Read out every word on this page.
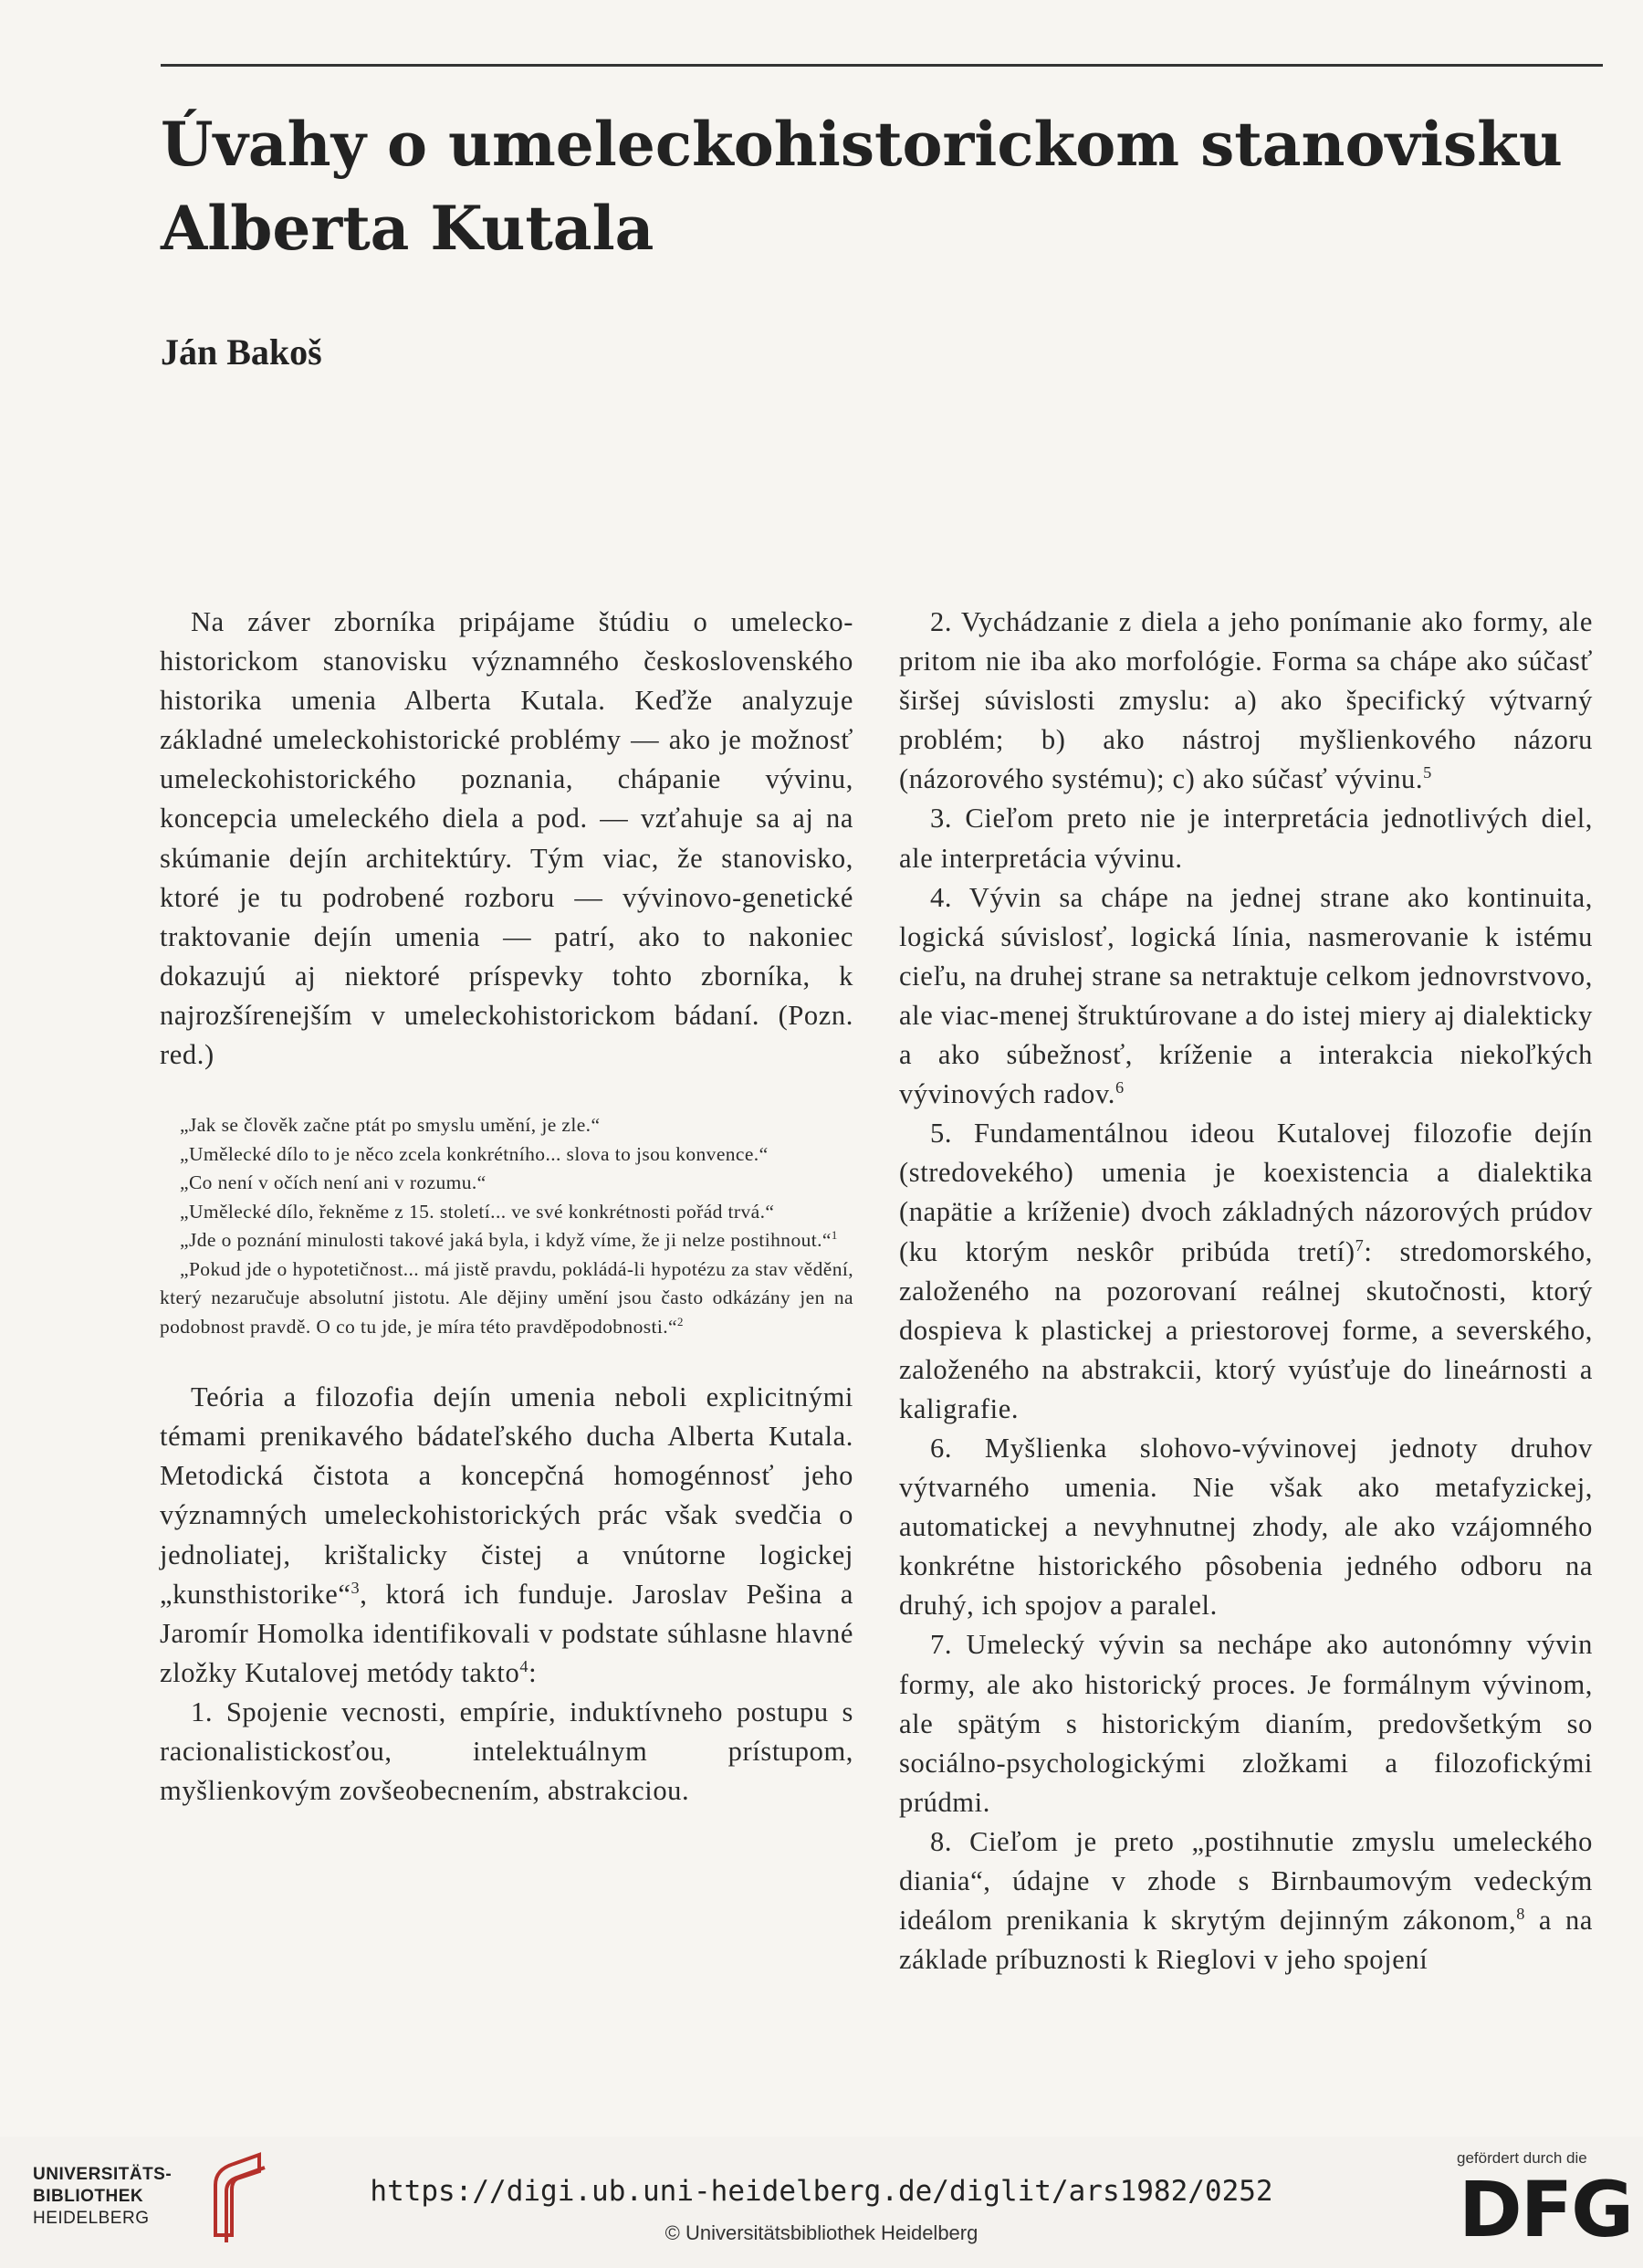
Úvahy o umeleckohistorickom stanovisku
Alberta Kutala
Ján Bakoš

Na záver zborníka pripájame štúdiu o umelecko-historickom stanovisku významného československého historika umenia Alberta Kutala. Keďže analyzuje základné umeleckohistorické problémy — ako je možnosť umeleckohistorického poznania, chápanie vývinu, koncepcia umeleckého diela a pod. — vzťahuje sa aj na skúmanie dejín architektúry. Tým viac, že stanovisko, ktoré je tu podrobené rozboru — vývinovo-genetické traktovanie dejín umenia — patrí, ako to nakoniec dokazujú aj niektoré príspevky tohto zborníka, k najrozšírenejším v umeleckohistorickom bádaní. (Pozn. red.)

„Jak se člověk začne ptát po smyslu umění, je zle.“

„Umělecké dílo to je něco zcela konkrétního... slova to jsou konvence.“

„Co není v očích není ani v rozumu.“

„Umělecké dílo, řekněme z 15. století... ve své konkrétnosti pořád trvá.“

„Jde o poznání minulosti takové jaká byla, i když víme, že ji nelze postihnout.“$^1$

„Pokud jde o hypotetičnost... má jistě pravdu, pokládá-li hypotézu za stav vědění, který nezaručuje absolutní jistotu. Ale dějiny umění jsou často odkázány jen na podobnost pravdě. O co tu jde, je míra této pravděpodobnosti.“$^2$

Teória a filozofia dejín umenia neboli explicitnými témami prenikavého bádateľského ducha Alberta Kutala. Metodická čistota a koncepčná homogénnosť jeho významných umeleckohistorických prác však svedčia o jednoliatej, krištalicky čistej a vnútorne logickej „kunsthistorike“$^3$, ktorá ich funduje. Jaroslav Pešina a Jaromír Homolka identifikovali v podstate súhlasne hlavné zložky Kutalovej metódy takto$^4$:

1. Spojenie vecnosti, empírie, induktívneho postupu s racionalistickosťou, intelektuálnym prístupom, myšlienkovým zovšeobecnením, abstrakciou.

2. Vychádzanie z diela a jeho ponímanie ako formy, ale pritom nie iba ako morfológie. Forma sa chápe ako súčasť širšej súvislosti zmyslu: a) ako špecifický výtvarný problém; b) ako nástroj myšlienkového názoru (názorového systému); c) ako súčasť vývinu.$^5$

3. Cieľom preto nie je interpretácia jednotlivých diel, ale interpretácia vývinu.

4. Vývin sa chápe na jednej strane ako kontinuita, logická súvislosť, logická línia, nasmerovanie k istému cieľu, na druhej strane sa netraktuje celkom jednovrstvovo, ale viac-menej štruktúrovane a do istej miery aj dialekticky a ako súbežnosť, kríženie a interakcia niekoľkých vývinových radov.$^6$

5. Fundamentálnou ideou Kutalovej filozofie dejín (stredovekého) umenia je koexistencia a dialektika (napätie a kríženie) dvoch základných názorových prúdov (ku ktorým neskôr pribúda tretí)$^7$: stredomorského, založeného na pozorovaní reálnej skutočnosti, ktorý dospieva k plastickej a priestorovej forme, a severského, založeného na abstrakcii, ktorý vyúsťuje do lineárnosti a kaligrafie.

6. Myšlienka slohovo-vývinovej jednoty druhov výtvarného umenia. Nie však ako metafyzickej, automatickej a nevyhnutnej zhody, ale ako vzájomného konkrétne historického pôsobenia jedného odboru na druhý, ich spojov a paralel.

7. Umelecký vývin sa nechápe ako autonómny vývin formy, ale ako historický proces. Je formálnym vývinom, ale spätým s historickým dianím, predovšetkým so sociálno-psychologickými zložkami a filozofickými prúdmi.

8. Cieľom je preto „postihnutie zmyslu umeleckého diania“, údajne v zhode s Birnbaumovým vedeckým ideálom prenikania k skrytým dejinným zákonom,$^8$ a na základe príbuznosti k Rieglovi v jeho spojení

UNIVERSITÄTS-
BIBLIOTHEK
HEIDELBERG
https://digi.ub.uni-heidelberg.de/diglit/ars1982/0252
© Universitätsbibliothek Heidelberg
gefördert durch die
DFG
